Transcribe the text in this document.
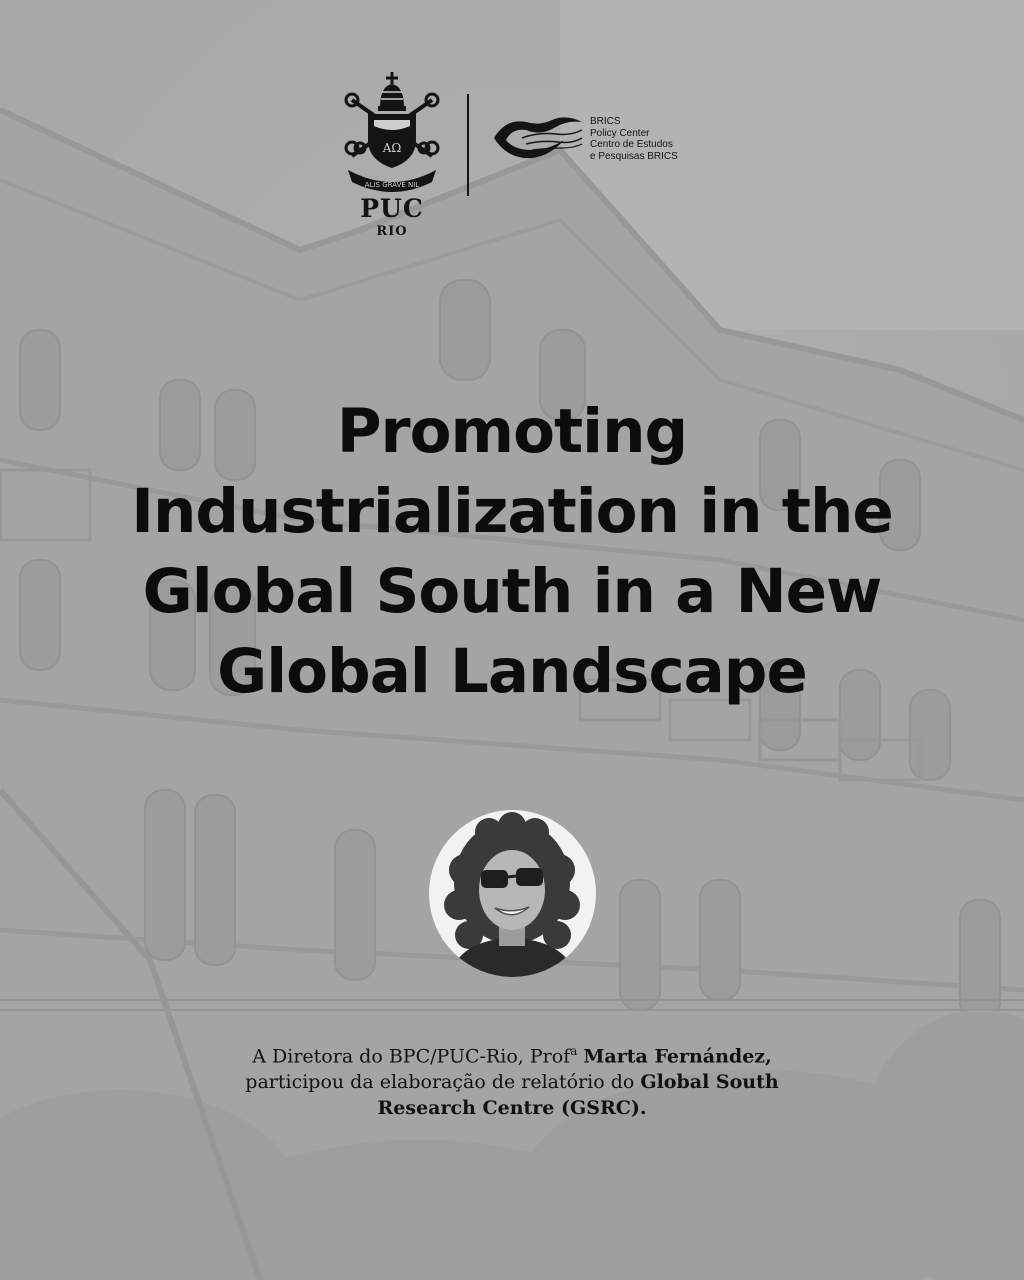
AΩ
ALIS GRAVE NIL
PUC
RIO
BRICS
Policy Center
Centro de Estudos
e Pesquisas BRICS
Promoting
Industrialization in the
Global South in a New
Global Landscape
A Diretora do BPC/PUC-Rio, Prof$^a$ Marta Fernández,
participou da elaboração de relatório do Global South
Research Centre (GSRC).
